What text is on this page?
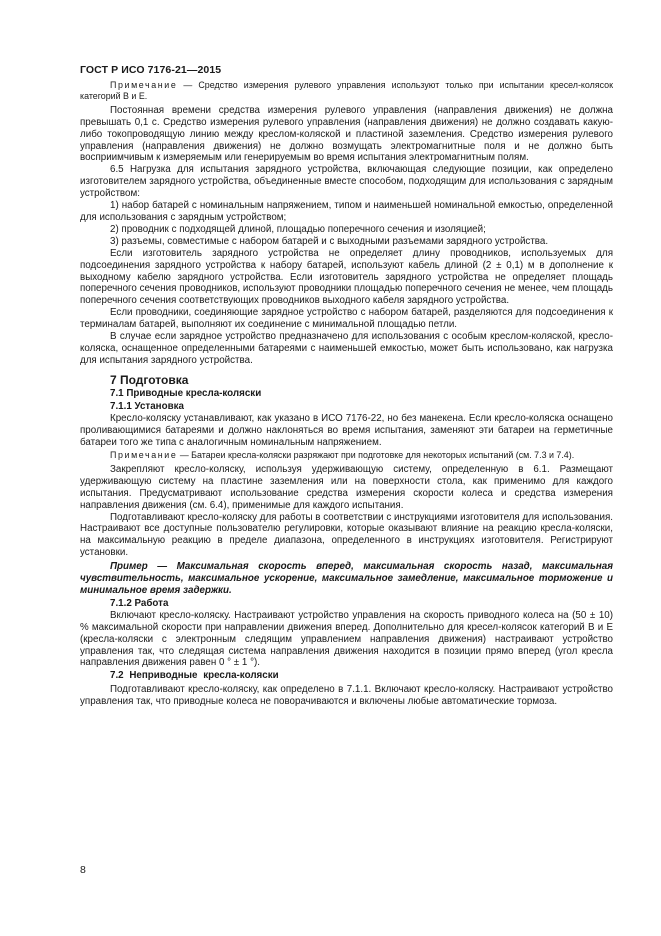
ГОСТ Р ИСО 7176-21—2015

Примечание — Средство измерения рулевого управления используют только при испытании кресел-колясок категорий В и Е.

Постоянная времени средства измерения рулевого управления (направления движения) не должна превышать 0,1 с. Средство измерения рулевого управления (направления движения) не должно создавать какую-либо токопроводящую линию между креслом-коляской и пластиной заземления. Средство измерения рулевого управления (направления движения) не должно возмущать электромагнитные поля и не должно быть восприимчивым к измеряемым или генерируемым во время испытания электромагнитным полям.

6.5 Нагрузка для испытания зарядного устройства, включающая следующие позиции, как определено изготовителем зарядного устройства, объединенные вместе способом, подходящим для использования с зарядным устройством:

1) набор батарей с номинальным напряжением, типом и наименьшей номинальной емкостью, определенной для использования с зарядным устройством;

2) проводник с подходящей длиной, площадью поперечного сечения и изоляцией;

3) разъемы, совместимые с набором батарей и с выходными разъемами зарядного устройства.

Если изготовитель зарядного устройства не определяет длину проводников, используемых для подсоединения зарядного устройства к набору батарей, используют кабель длиной (2 ± 0,1) м в дополнение к выходному кабелю зарядного устройства. Если изготовитель зарядного устройства не определяет площадь поперечного сечения проводников, используют проводники площадью поперечного сечения не менее, чем площадь поперечного сечения соответствующих проводников выходного кабеля зарядного устройства.

Если проводники, соединяющие зарядное устройство с набором батарей, разделяются для подсоединения к терминалам батарей, выполняют их соединение с минимальной площадью петли.

В случае если зарядное устройство предназначено для использования с особым креслом-коляской, кресло-коляска, оснащенное определенными батареями с наименьшей емкостью, может быть использовано, как нагрузка для испытания зарядного устройства.

7 Подготовка
7.1 Приводные кресла-коляски
7.1.1 Установка

Кресло-коляску устанавливают, как указано в ИСО 7176-22, но без манекена. Если кресло-коляска оснащено проливающимися батареями и должно наклоняться во время испытания, заменяют эти батареи на герметичные батареи того же типа с аналогичным номинальным напряжением.

Примечание — Батареи кресла-коляски разряжают при подготовке для некоторых испытаний (см. 7.3 и 7.4).

Закрепляют кресло-коляску, используя удерживающую систему, определенную в 6.1. Размещают удерживающую систему на пластине заземления или на поверхности стола, как применимо для каждого испытания. Предусматривают использование средства измерения скорости колеса и средства измерения направления движения (см. 6.4), применимые для каждого испытания.

Подготавливают кресло-коляску для работы в соответствии с инструкциями изготовителя для использования. Настраивают все доступные пользователю регулировки, которые оказывают влияние на реакцию кресла-коляски, на максимальную реакцию в пределе диапазона, определенного в инструкциях изготовителя. Регистрируют установки.

Пример — Максимальная скорость вперед, максимальная скорость назад, максимальная чувствительность, максимальное ускорение, максимальное замедление, максимальное торможение и минимальное время задержки.

7.1.2 Работа

Включают кресло-коляску. Настраивают устройство управления на скорость приводного колеса на (50 ± 10) % максимальной скорости при направлении движения вперед. Дополнительно для кресел-колясок категорий В и Е (кресла-коляски с электронным следящим управлением направления движения) настраивают устройство управления так, что следящая система направления движения находится в позиции прямо вперед (угол кресла направления движения равен 0 ° ± 1 °).

7.2 Неприводные кресла-коляски

Подготавливают кресло-коляску, как определено в 7.1.1. Включают кресло-коляску. Настраивают устройство управления так, что приводные колеса не поворачиваются и включены любые автоматические тормоза.

8
